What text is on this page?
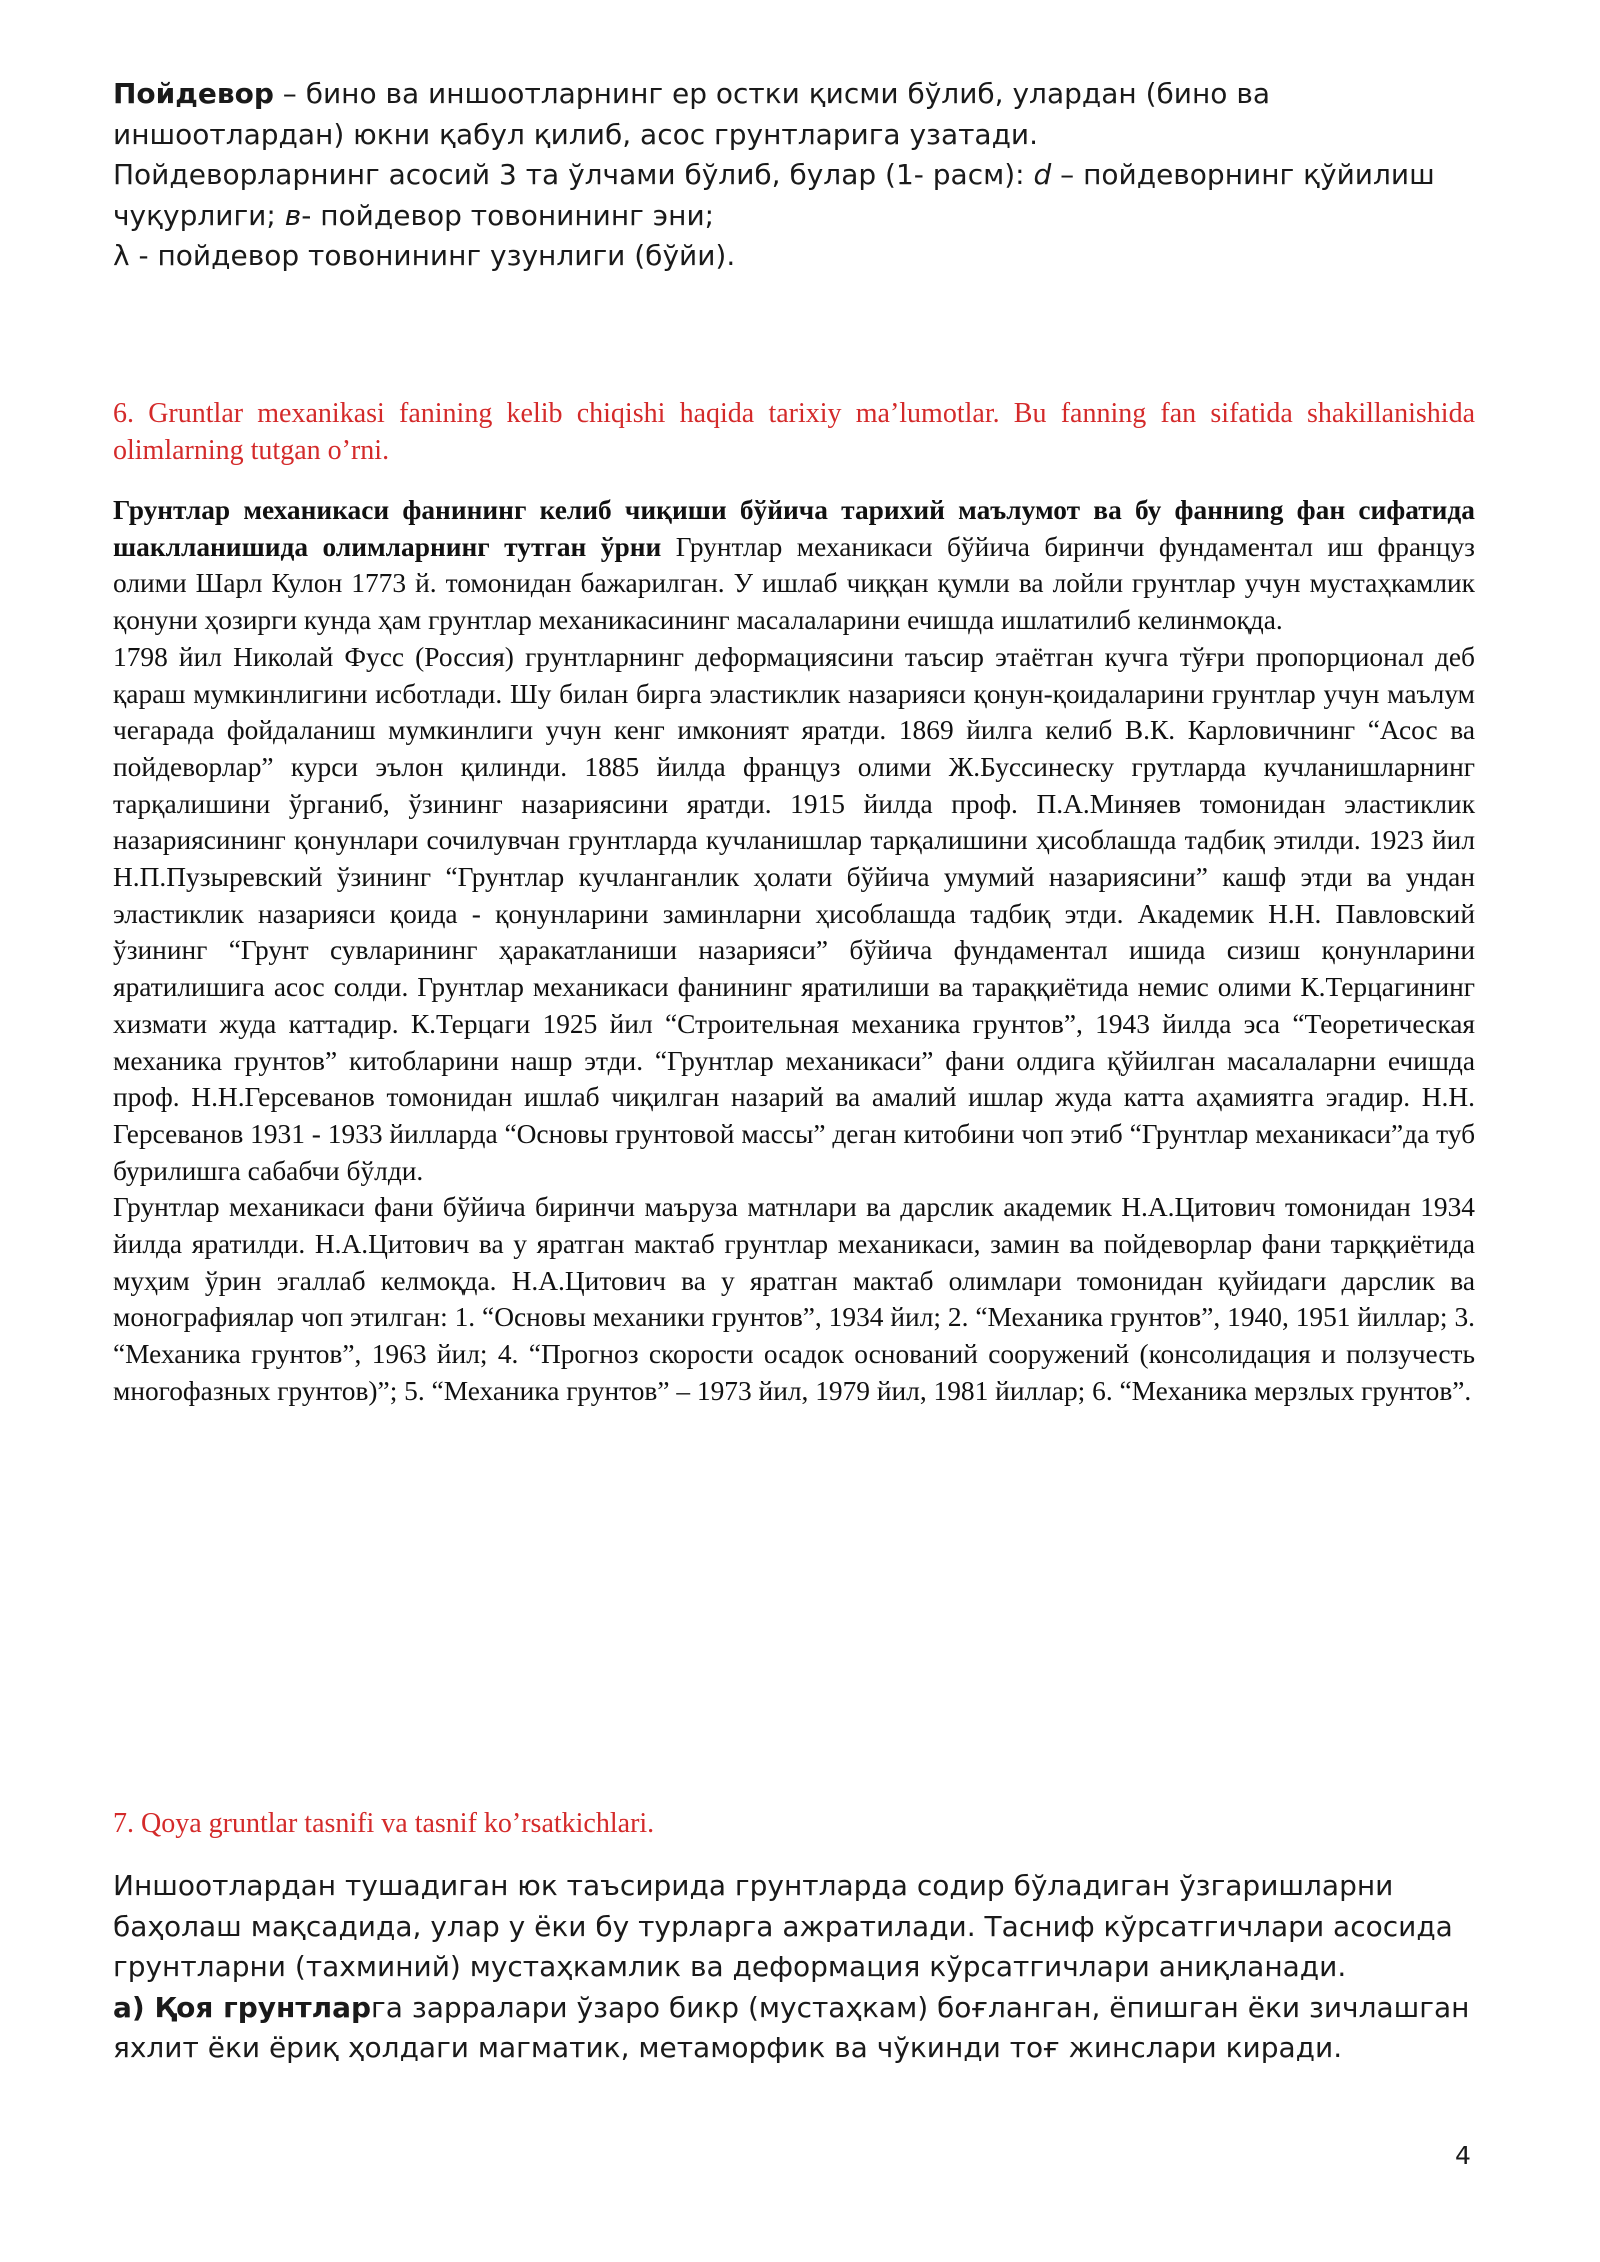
Пойдевор – бино ва иншоотларнинг ер остки қисми бўлиб, улардан (бино ва иншоотлардан) юкни қабул қилиб, асос грунтларига узатади.

Пойдеворларнинг асосий 3 та ўлчами бўлиб, булар (1- расм): d – пойдеворнинг қўйилиш чуқурлиги; в- пойдевор товонининг эни;

λ - пойдевор товонининг узунлиги (бўйи).

6. Gruntlar mexanikasi fanining kelib chiqishi haqida tarixiy ma’lumotlar. Bu fanning fan sifatida shakillanishida olimlarning tutgan o’rni.

Грунтлар механикаси фанининг келиб чиқиши бўйича тарихий маълумот ва бу фанниng фан сифатида шаклланишида олимларнинг тутган ўрни Грунтлар механикаси бўйича биринчи фундаментал иш француз олими Шарл Кулон 1773 й. томонидан бажарилган. У ишлаб чиққан қумли ва лойли грунтлар учун мустаҳкамлик қонуни ҳозирги кунда ҳам грунтлар механикасининг масалаларини ечишда ишлатилиб келинмоқда.

1798 йил Николай Фусс (Россия) грунтларнинг деформациясини таъсир этаётган кучга тўғри пропорционал деб қараш мумкинлигини исботлади. Шу билан бирга эластиклик назарияси қонун-қоидаларини грунтлар учун маълум чегарада фойдаланиш мумкинлиги учун кенг имконият яратди. 1869 йилга келиб В.К. Карловичнинг “Асос ва пойдеворлар” курси эълон қилинди. 1885 йилда француз олими Ж.Буссинеску грутларда кучланишларнинг тарқалишини ўрганиб, ўзининг назариясини яратди. 1915 йилда проф. П.А.Миняев томонидан эластиклик назариясининг қонунлари сочилувчан грунтларда кучланишлар тарқалишини ҳисоблашда тадбиқ этилди. 1923 йил Н.П.Пузыревский ўзининг “Грунтлар кучланганлик ҳолати бўйича умумий назариясини” кашф этди ва ундан эластиклик назарияси қоида - қонунларини заминларни ҳисоблашда тадбиқ этди. Академик Н.Н. Павловский ўзининг “Грунт сувларининг ҳаракатланиши назарияси” бўйича фундаментал ишида сизиш қонунларини яратилишига асос солди. Грунтлар механикаси фанининг яратилиши ва тараққиётида немис олими К.Терцагининг хизмати жуда каттадир. К.Терцаги 1925 йил “Строительная механика грунтов”, 1943 йилда эса “Теоретическая механика грунтов” китобларини нашр этди. “Грунтлар механикаси” фани олдига қўйилган масалаларни ечишда проф. Н.Н.Герсеванов томонидан ишлаб чиқилган назарий ва амалий ишлар жуда катта аҳамиятга эгадир. Н.Н. Герсеванов 1931 - 1933 йилларда “Основы грунтовой массы” деган китобини чоп этиб “Грунтлар механикаси”да туб бурилишга сабабчи бўлди.

Грунтлар механикаси фани бўйича биринчи маъруза матнлари ва дарслик академик Н.А.Цитович томонидан 1934 йилда яратилди. Н.А.Цитович ва у яратган мактаб грунтлар механикаси, замин ва пойдеворлар фани тарққиётида муҳим ўрин эгаллаб келмоқда. Н.А.Цитович ва у яратган мактаб олимлари томонидан қуйидаги дарслик ва монографиялар чоп этилган: 1. “Основы механики грунтов”, 1934 йил; 2. “Механика грунтов”, 1940, 1951 йиллар; 3. “Механика грунтов”, 1963 йил; 4. “Прогноз скорости осадок оснований сооружений (консолидация и ползучесть многофазных грунтов)”; 5. “Механика грунтов” – 1973 йил, 1979 йил, 1981 йиллар; 6. “Механика мерзлых грунтов”.

7. Qoya gruntlar tasnifi va tasnif ko’rsatkichlari.

Иншоотлардан тушадиган юк таъсирида грунтларда содир бўладиган ўзгаришларни баҳолаш мақсадида, улар у ёки бу турларга ажратилади. Тасниф кўрсатгичлари асосида грунтларни (тахминий) мустаҳкамлик ва деформация кўрсатгичлари аниқланади.

а) Қоя грунтларга зарралари ўзаро бикр (мустаҳкам) боғланган, ёпишган ёки зичлашган яхлит ёки ёриқ ҳолдаги магматик, метаморфик ва чўкинди тоғ жинслари киради.

4
